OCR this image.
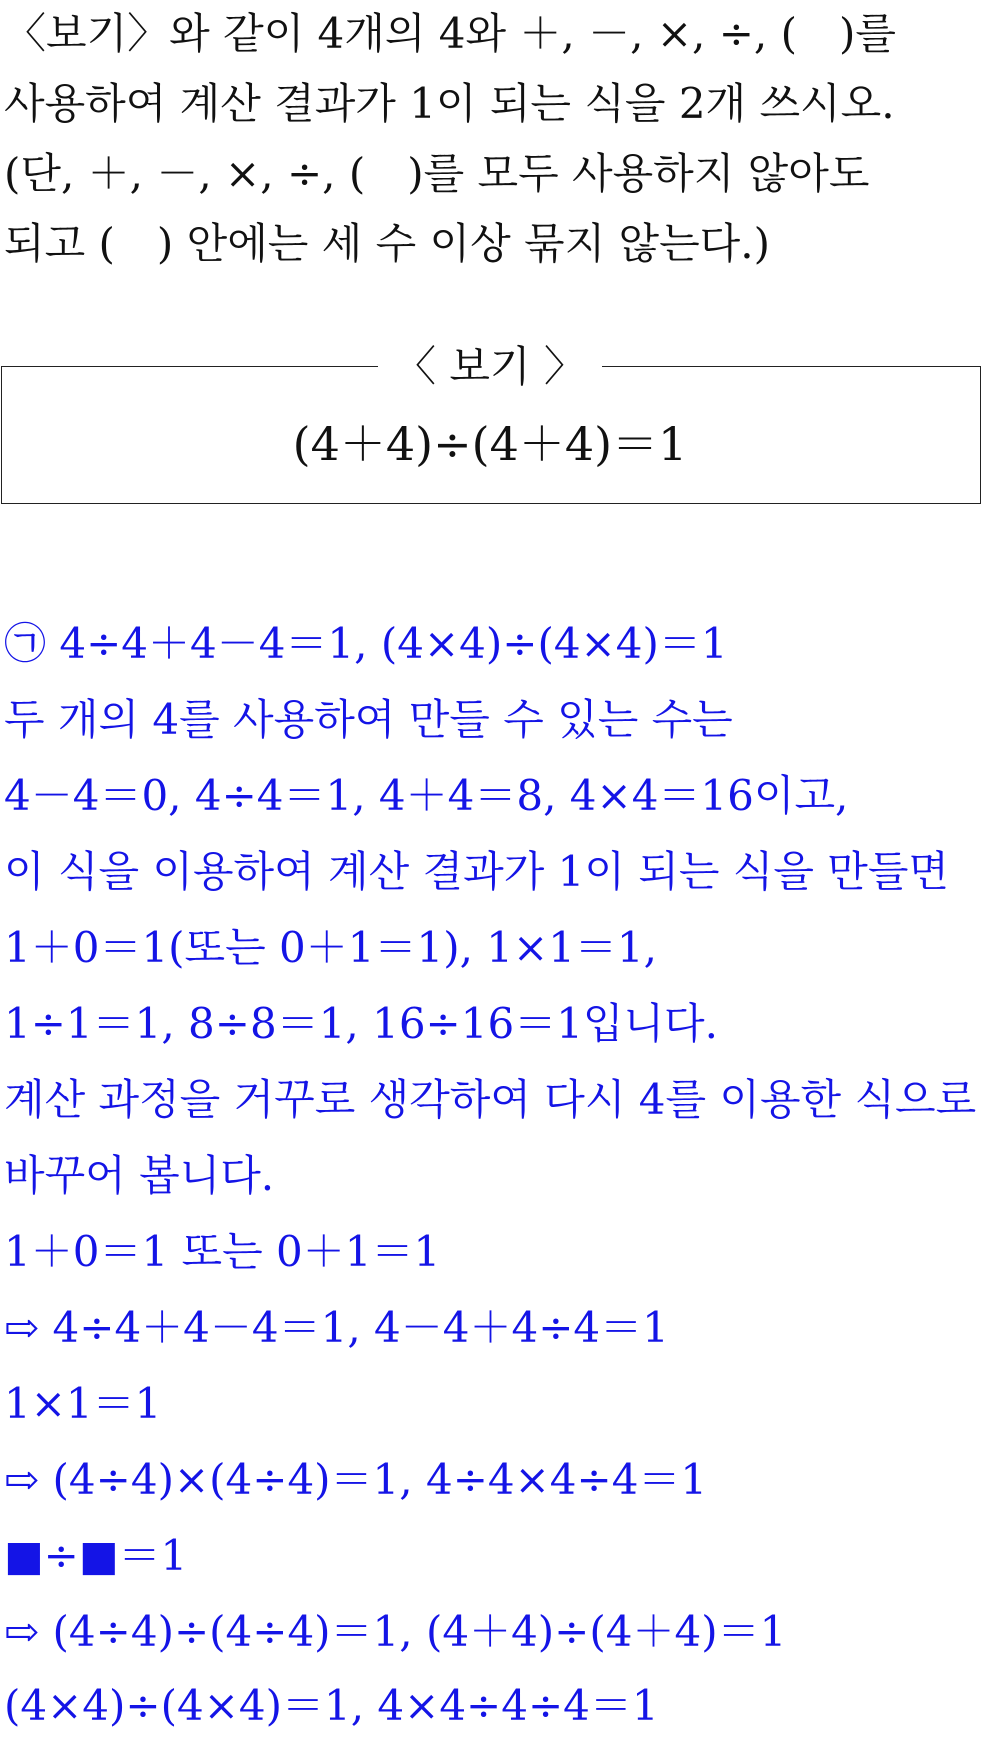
〈보기〉와 같이 4개의 4와 ＋, －, ×, ÷, (　)를

사용하여 계산 결과가 1이 되는 식을 2개 쓰시오.

(단, ＋, －, ×, ÷, (　)를 모두 사용하지 않아도

되고 (　) 안에는 세 수 이상 묶지 않는다.)

〈 보기 〉
(4＋4)÷(4＋4)＝1

㉠ 4÷4＋4－4＝1, (4×4)÷(4×4)＝1

두 개의 4를 사용하여 만들 수 있는 수는

4－4＝0, 4÷4＝1, 4＋4＝8, 4×4＝16이고,

이 식을 이용하여 계산 결과가 1이 되는 식을 만들면

1＋0＝1(또는 0＋1＝1), 1×1＝1,

1÷1＝1, 8÷8＝1, 16÷16＝1입니다.

계산 과정을 거꾸로 생각하여 다시 4를 이용한 식으로

바꾸어 봅니다.

1＋0＝1 또는 0＋1＝1

⇨ 4÷4＋4－4＝1, 4－4＋4÷4＝1

1×1＝1

⇨ (4÷4)×(4÷4)＝1, 4÷4×4÷4＝1

■÷■＝1

⇨ (4÷4)÷(4÷4)＝1, (4＋4)÷(4＋4)＝1

(4×4)÷(4×4)＝1, 4×4÷4÷4＝1
